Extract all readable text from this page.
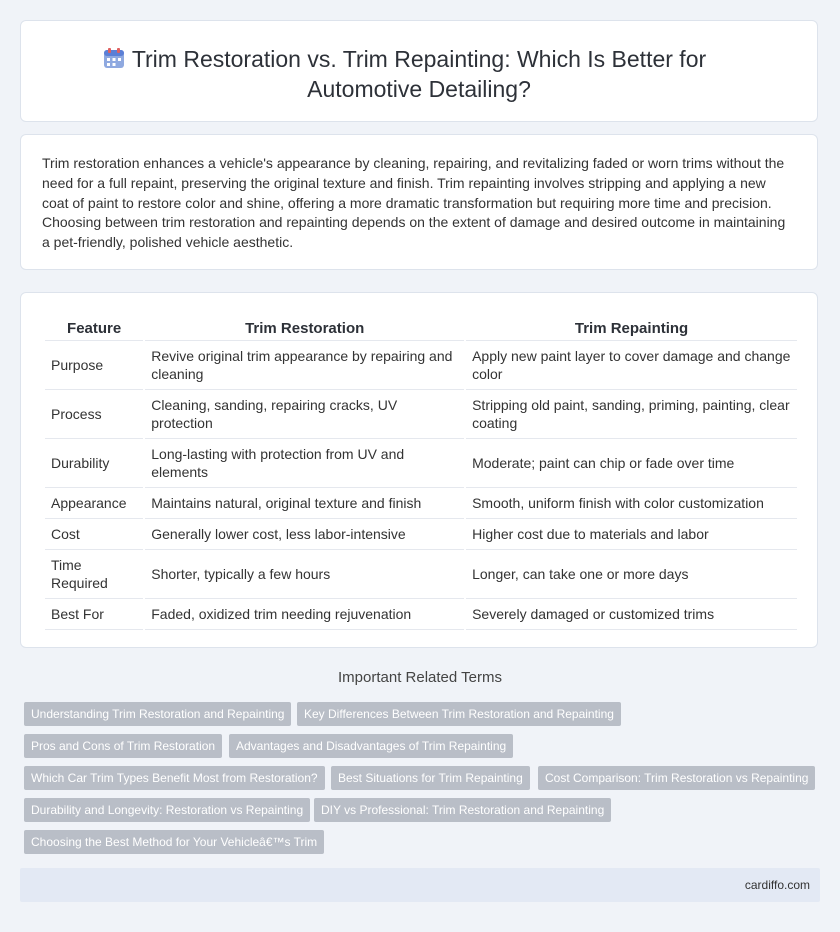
Trim Restoration vs. Trim Repainting: Which Is Better for Automotive Detailing?

Trim restoration enhances a vehicle's appearance by cleaning, repairing, and revitalizing faded or worn trims without the need for a full repaint, preserving the original texture and finish. Trim repainting involves stripping and applying a new coat of paint to restore color and shine, offering a more dramatic transformation but requiring more time and precision. Choosing between trim restoration and repainting depends on the extent of damage and desired outcome in maintaining a pet-friendly, polished vehicle aesthetic.

Feature	Trim Restoration	Trim Repainting
Purpose	Revive original trim appearance by repairing and cleaning	Apply new paint layer to cover damage and change color
Process	Cleaning, sanding, repairing cracks, UV protection	Stripping old paint, sanding, priming, painting, clear coating
Durability	Long-lasting with protection from UV and elements	Moderate; paint can chip or fade over time
Appearance	Maintains natural, original texture and finish	Smooth, uniform finish with color customization
Cost	Generally lower cost, less labor-intensive	Higher cost due to materials and labor
Time Required	Shorter, typically a few hours	Longer, can take one or more days
Best For	Faded, oxidized trim needing rejuvenation	Severely damaged or customized trims
Important Related Terms
Understanding Trim Restoration and Repainting	Key Differences Between Trim Restoration and Repainting
Pros and Cons of Trim Restoration	Advantages and Disadvantages of Trim Repainting
Which Car Trim Types Benefit Most from Restoration?	Best Situations for Trim Repainting	Cost Comparison: Trim Restoration vs Repainting
Durability and Longevity: Restoration vs Repainting	DIY vs Professional: Trim Restoration and Repainting
Choosing the Best Method for Your Vehicleâ€™s Trim
cardiffo.com
